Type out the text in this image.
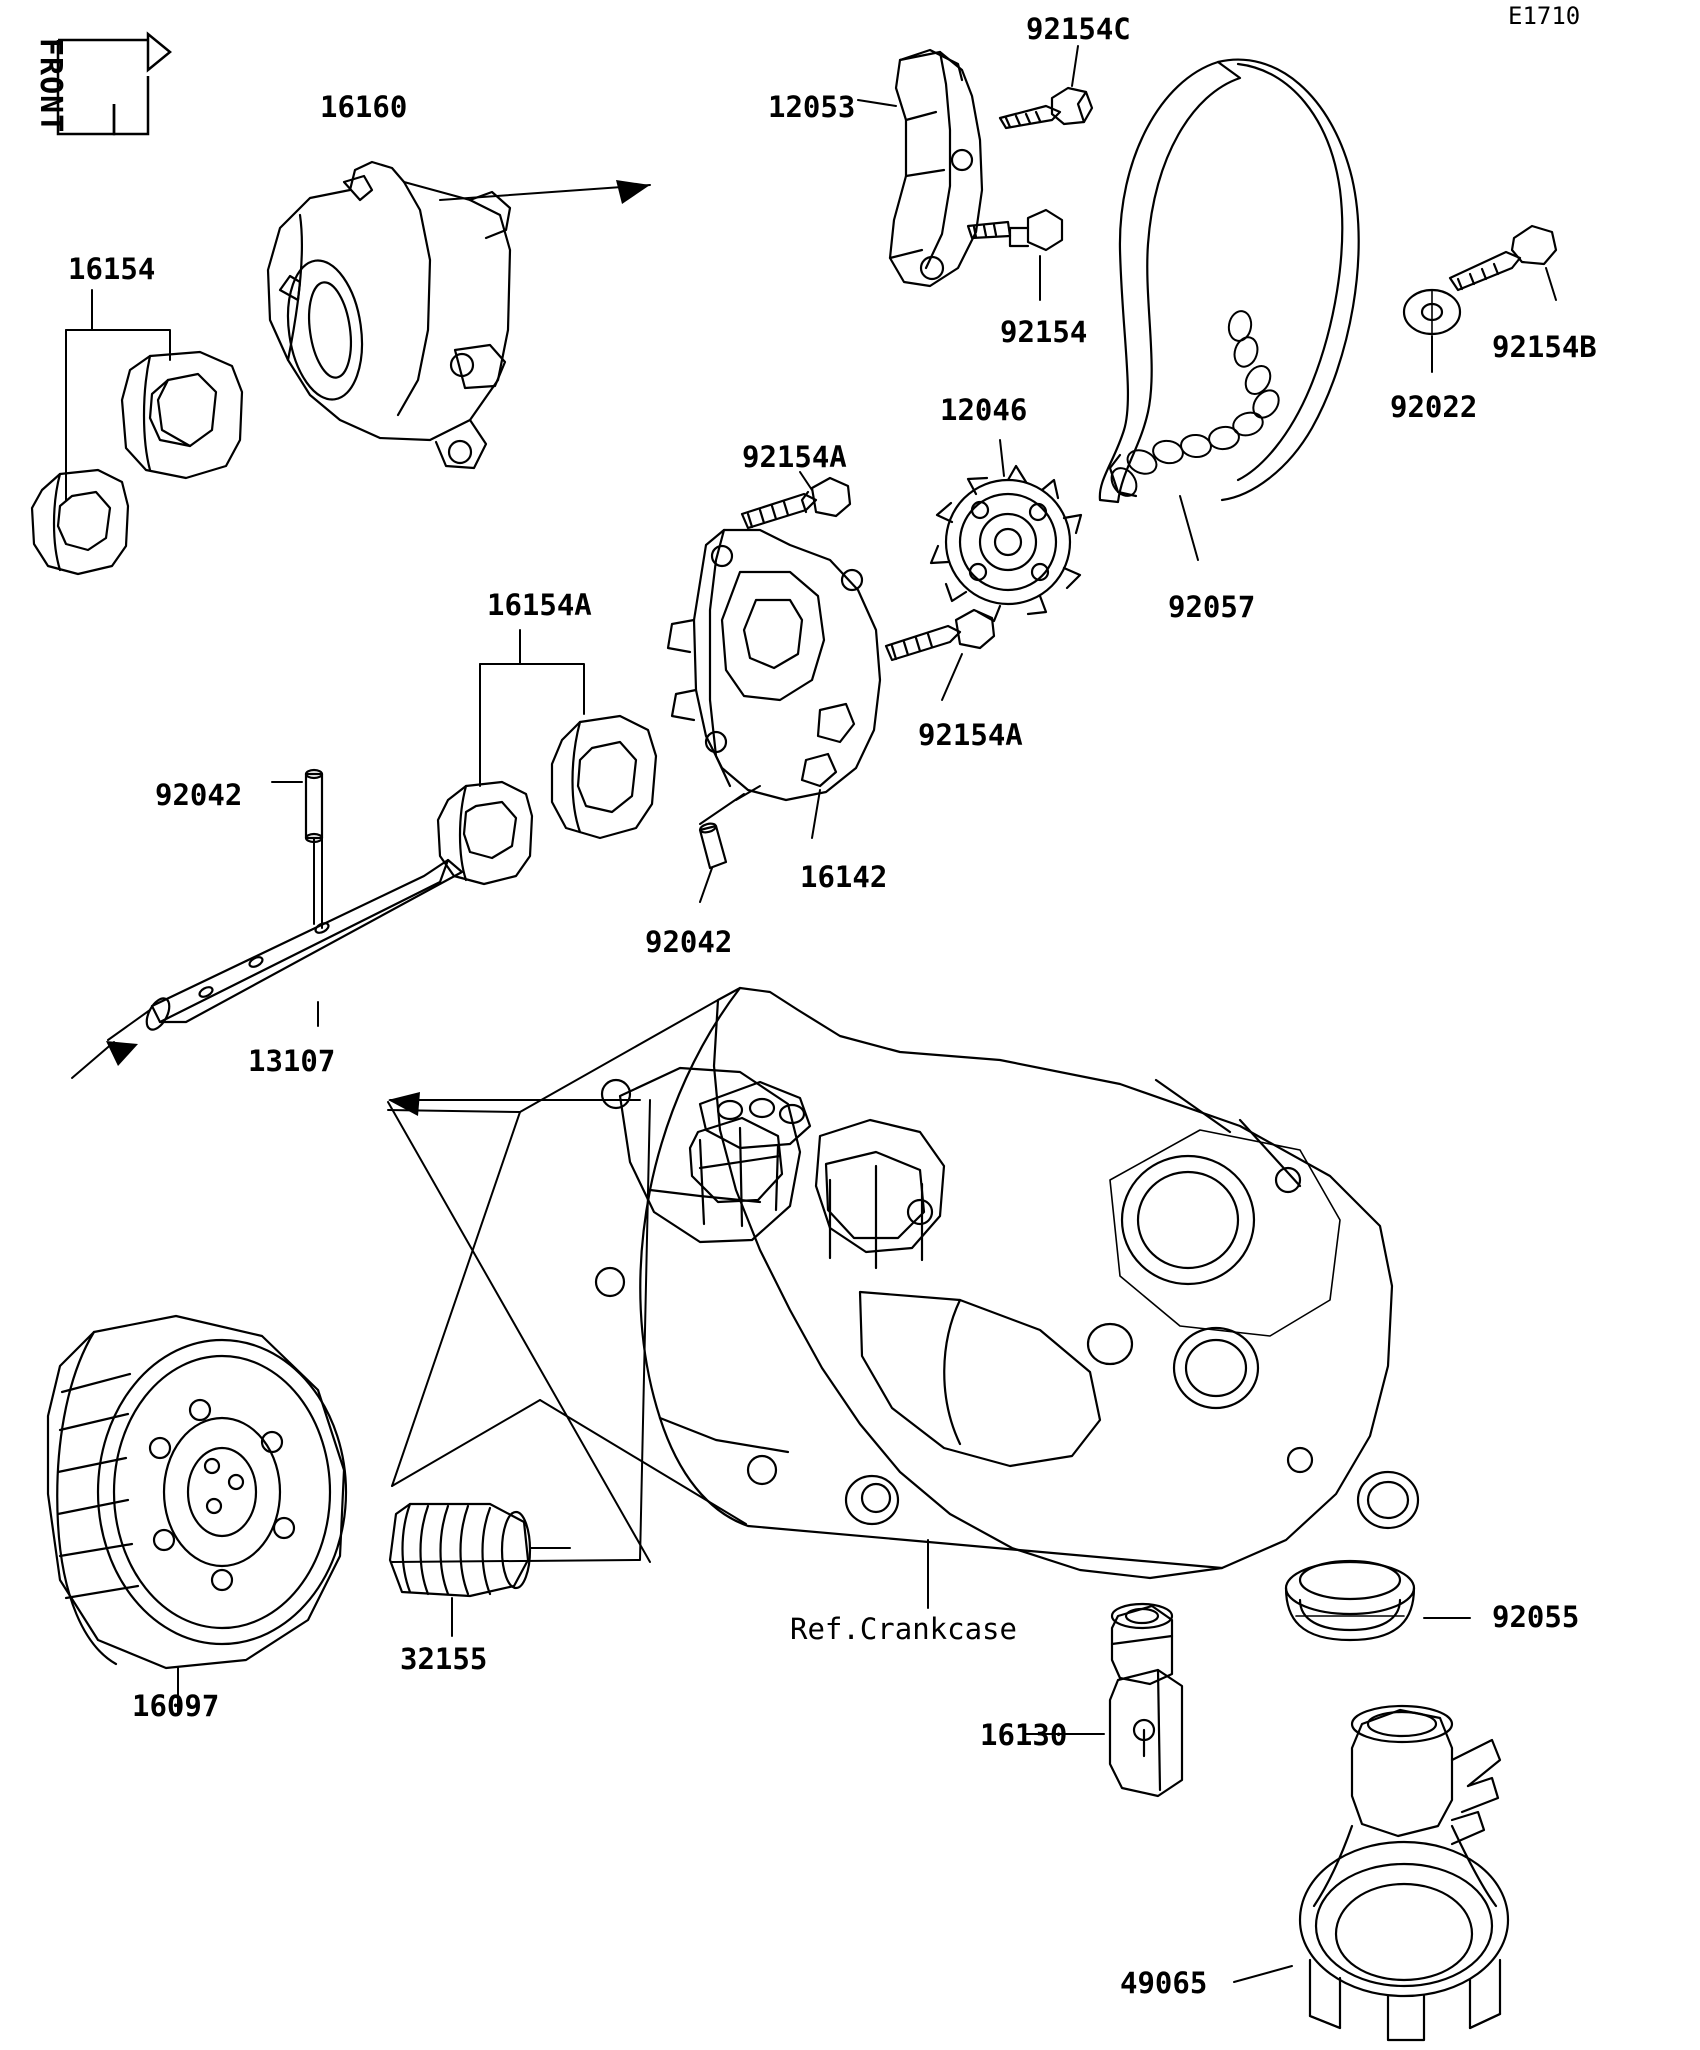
E1710
FRONT	16160
16154
12053
92154C
92154	92154B
92022
92057
12046
92154A
92154A
16142
16154A
92042
92042
13107
16097
32155
92055
16130
49065
Ref.Crankcase
